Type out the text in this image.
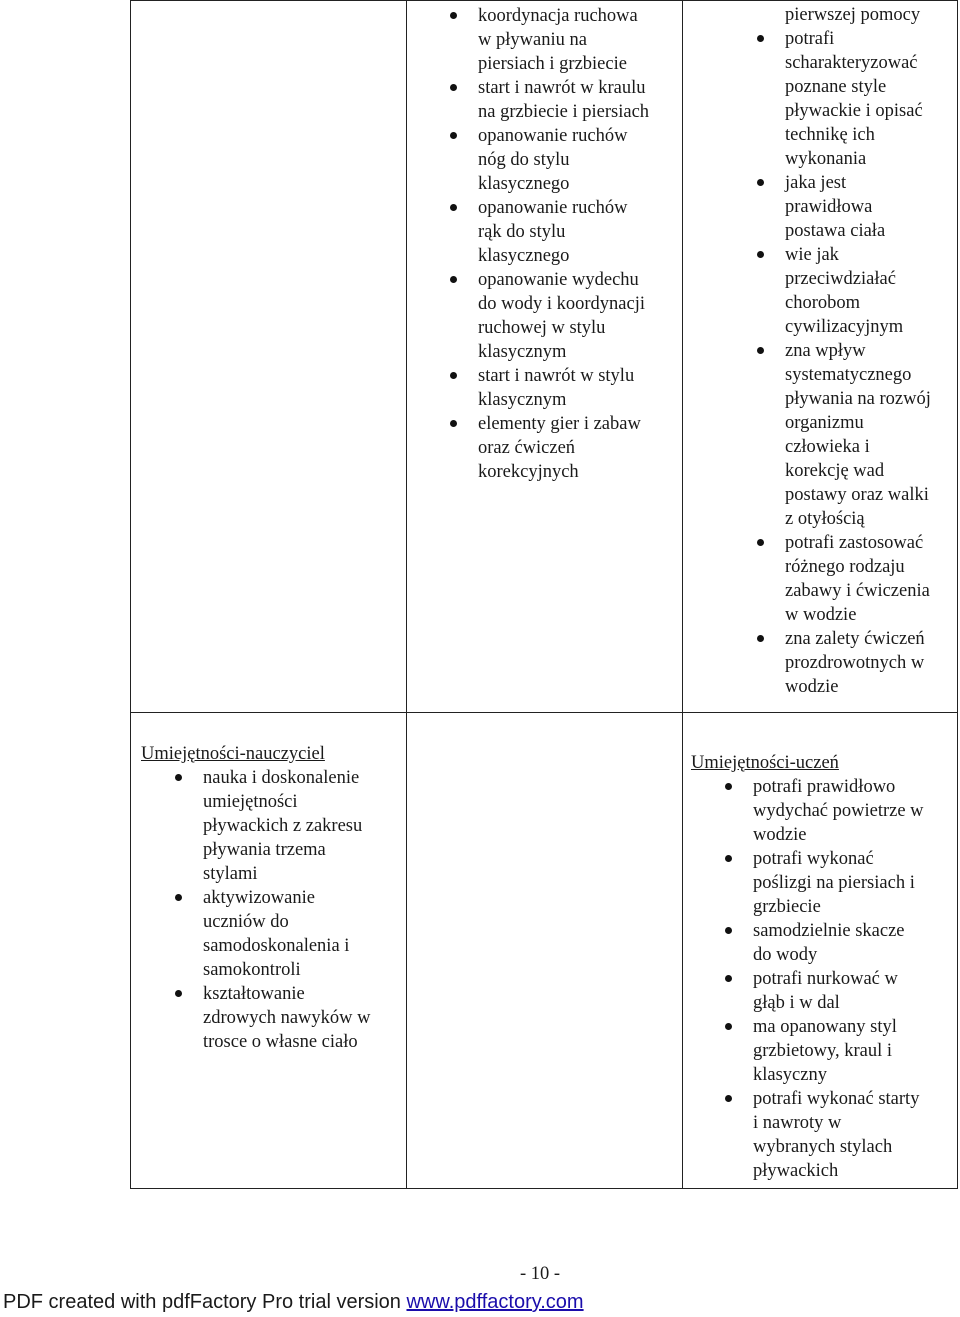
koordynacja ruchowa
w pływaniu na
piersiach i grzbiecie
start i nawrót w kraulu
na grzbiecie i piersiach
opanowanie ruchów
nóg do stylu
klasycznego
opanowanie ruchów
rąk do stylu
klasycznego
opanowanie wydechu
do wody i koordynacji
ruchowej w stylu
klasycznym
start i nawrót w stylu
klasycznym
elementy gier i zabaw
oraz ćwiczeń
korekcyjnych
pierwszej pomocy
potrafi
scharakteryzować
poznane style
pływackie i opisać
technikę ich
wykonania
jaka jest
prawidłowa
postawa ciała
wie jak
przeciwdziałać
chorobom
cywilizacyjnym
zna wpływ
systematycznego
pływania na rozwój
organizmu
człowieka i
korekcję wad
postawy oraz walki
z otyłością
potrafi zastosować
różnego rodzaju
zabawy i ćwiczenia
w wodzie
zna zalety ćwiczeń
prozdrowotnych w
wodzie
Umiejętności-nauczyciel
nauka i doskonalenie
umiejętności
pływackich z zakresu
pływania trzema
stylami
aktywizowanie
uczniów do
samodoskonalenia i
samokontroli
kształtowanie
zdrowych nawyków w
trosce o własne ciało
Umiejętności-uczeń
potrafi prawidłowo
wydychać powietrze w
wodzie
potrafi wykonać
poślizgi na piersiach i
grzbiecie
samodzielnie skacze
do wody
potrafi nurkować w
głąb i w dal
ma opanowany styl
grzbietowy, kraul i
klasyczny
potrafi wykonać starty
i nawroty w
wybranych stylach
pływackich
- 10 -
PDF created with pdfFactory Pro trial version www.pdffactory.com
